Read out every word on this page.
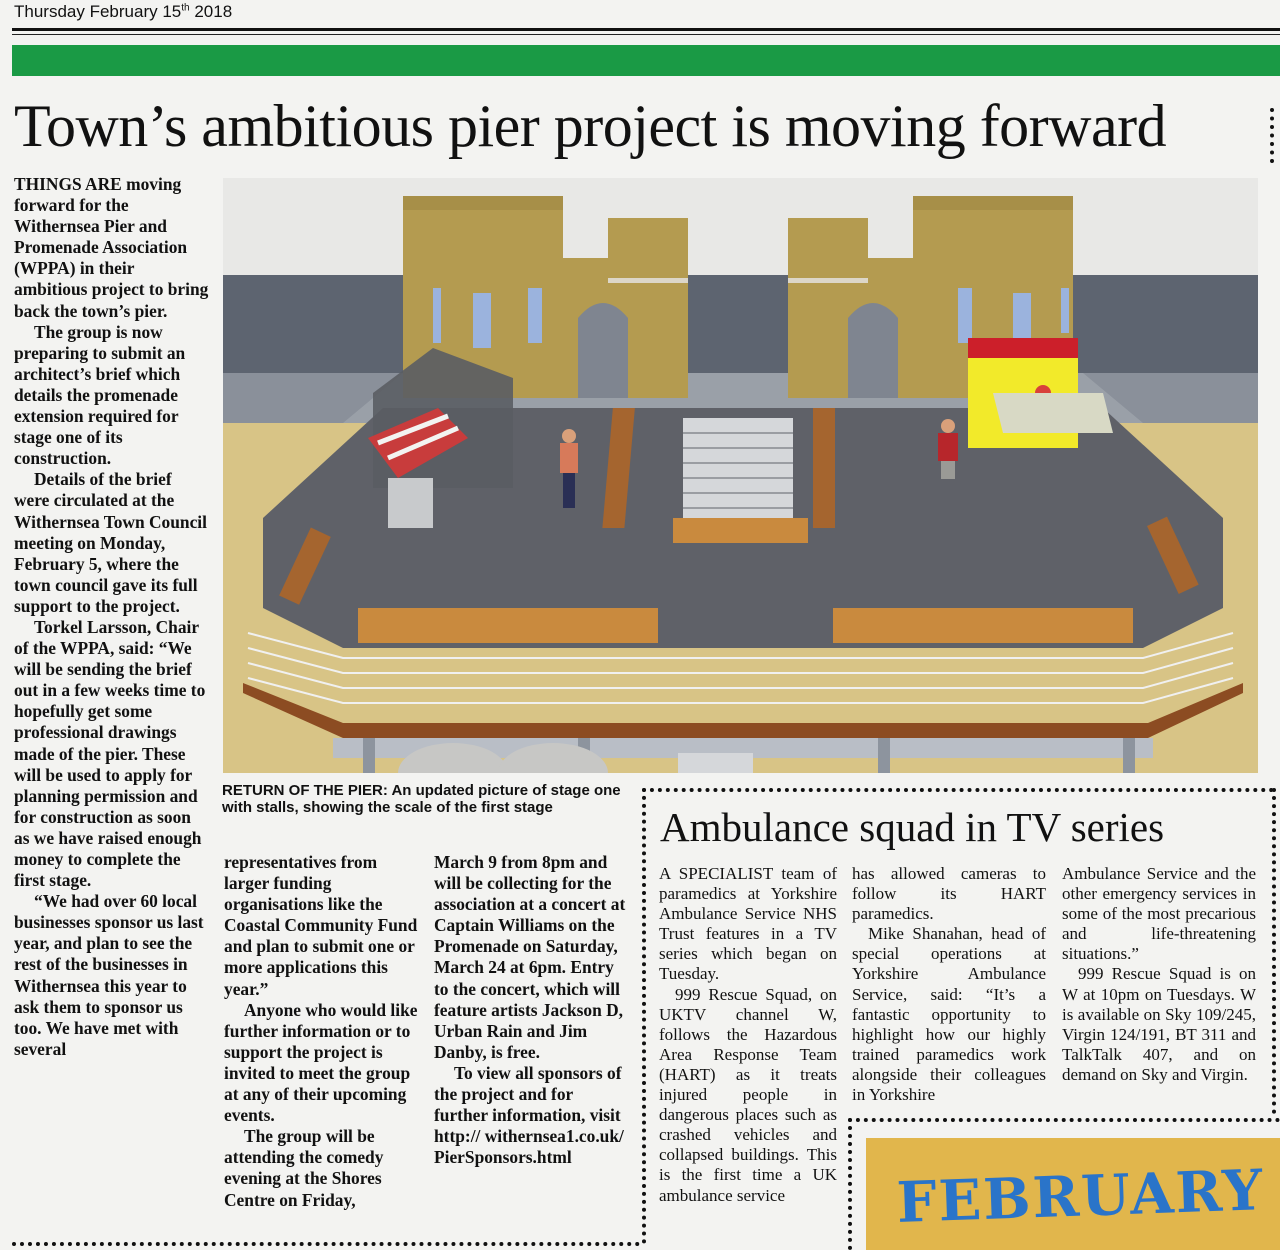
Thursday February 15th 2018
Town’s ambitious pier project is moving forward

THINGS ARE moving forward for the Withernsea Pier and Promenade Association (WPPA) in their ambitious project to bring back the town’s pier.

The group is now preparing to submit an architect’s brief which details the promenade extension required for stage one of its construction.

Details of the brief were circulated at the Withernsea Town Council meeting on Monday, February 5, where the town council gave its full support to the project.

Torkel Larsson, Chair of the WPPA, said: “We will be sending the brief out in a few weeks time to hopefully get some professional drawings made of the pier. These will be used to apply for planning permission and for construction as soon as we have raised enough money to complete the first stage.

“We had over 60 local businesses sponsor us last year, and plan to see the rest of the businesses in Withernsea this year to ask them to sponsor us too. We have met with several

RETURN OF THE PIER: An updated picture of stage one with stalls, showing the scale of the first stage

representatives from larger funding organisations like the Coastal Community Fund and plan to submit one or more applications this year.”

Anyone who would like further information or to support the project is invited to meet the group at any of their upcoming events.

The group will be attending the comedy evening at the Shores Centre on Friday,

March 9 from 8pm and will be collecting for the association at a concert at Captain Williams on the Promenade on Saturday, March 24 at 6pm. Entry to the concert, which will feature artists Jackson D, Urban Rain and Jim Danby, is free.

To view all sponsors of the project and for further information, visit http:// withernsea1.co.uk/ PierSponsors.html

Ambulance squad in TV series

A SPECIALIST team of paramedics at Yorkshire Ambulance Service NHS Trust features in a TV series which began on Tuesday.

999 Rescue Squad, on UKTV channel W, follows the Hazardous Area Response Team (HART) as it treats injured people in dangerous places such as crashed vehicles and collapsed buildings. This is the first time a UK ambulance service

has allowed cameras to follow its HART paramedics.

Mike Shanahan, head of special operations at Yorkshire Ambulance Service, said: “It’s a fantastic opportunity to highlight how our highly trained paramedics work alongside their colleagues in Yorkshire

Ambulance Service and the other emergency services in some of the most precarious and life-threatening situations.”

999 Rescue Squad is on W at 10pm on Tuesdays. W is available on Sky 109/245, Virgin 124/191, BT 311 and TalkTalk 407, and on demand on Sky and Virgin.

FEBRUARY
